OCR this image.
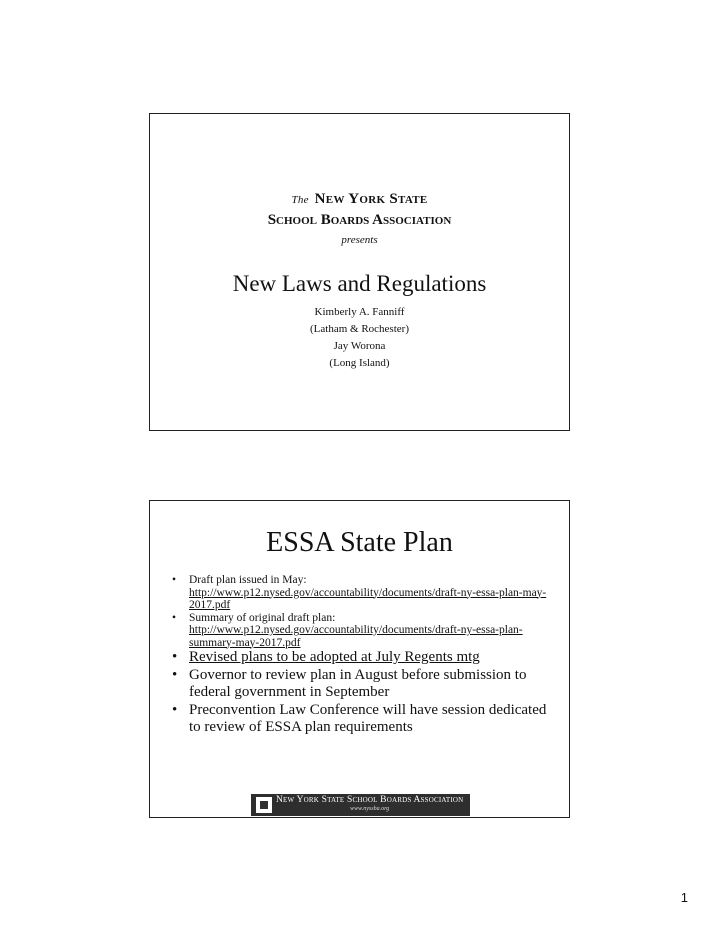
The New York State
School Boards Association
presents
New Laws and Regulations
Kimberly A. Fanniff
(Latham & Rochester)
Jay Worona
(Long Island)
ESSA State Plan
• Draft plan issued in May:
http://www.p12.nysed.gov/accountability/documents/draft-ny-essa-plan-may-2017.pdf
• Summary of original draft plan:
http://www.p12.nysed.gov/accountability/documents/draft-ny-essa-plan-summary-may-2017.pdf
• Revised plans to be adopted at July Regents mtg
• Governor to review plan in August before submission to federal government in September
• Preconvention Law Conference will have session dedicated to review of ESSA plan requirements
New York State School Boards Association
www.nyssba.org
1
